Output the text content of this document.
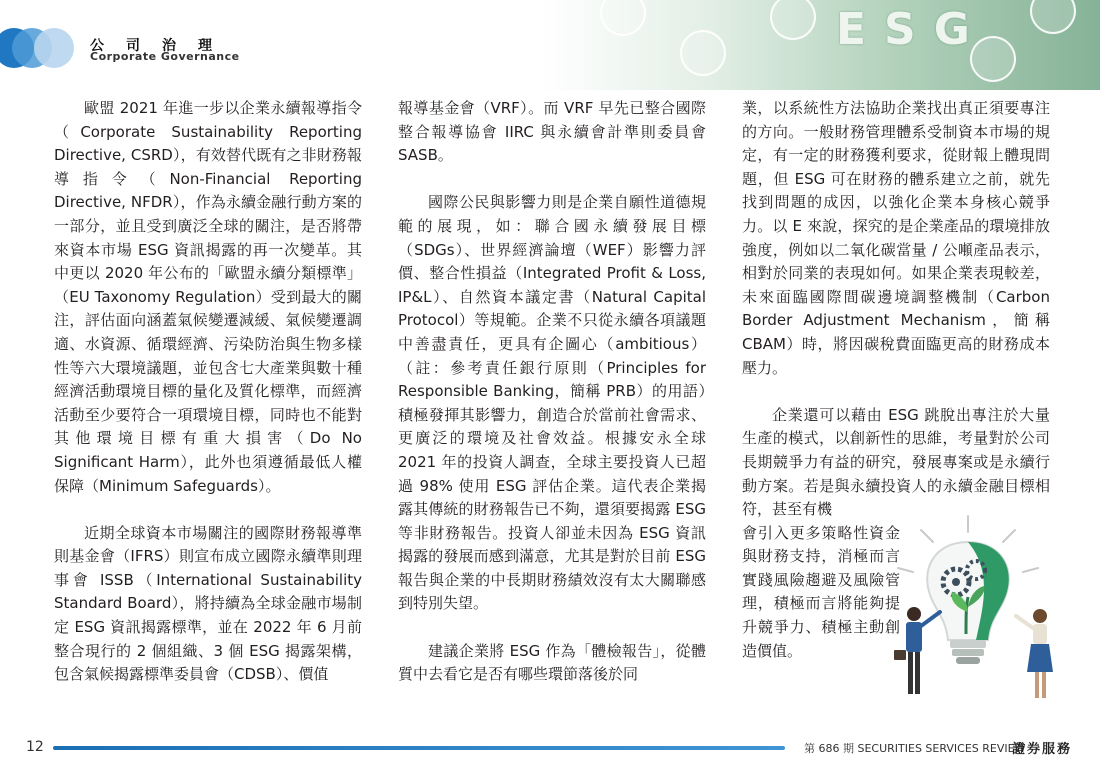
ESG
公司治理
Corporate Governance

歐盟 2021 年進一步以企業永續報導指令（Corporate Sustainability Reporting Directive, CSRD），有效替代既有之非財務報導指令（Non-Financial Reporting Directive, NFDR），作為永續金融行動方案的一部分，並且受到廣泛全球的關注，是否將帶來資本市場 ESG 資訊揭露的再一次變革。其中更以 2020 年公布的「歐盟永續分類標準」（EU Taxonomy Regulation）受到最大的關注，評估面向涵蓋氣候變遷減緩、氣候變遷調適、水資源、循環經濟、污染防治與生物多樣性等六大環境議題，並包含七大產業與數十種經濟活動環境目標的量化及質化標準，而經濟活動至少要符合一項環境目標，同時也不能對其他環境目標有重大損害（Do No Significant Harm），此外也須遵循最低人權保障（Minimum Safeguards）。

近期全球資本市場關注的國際財務報導準則基金會（IFRS）則宣布成立國際永續準則理事會 ISSB（International Sustainability Standard Board），將持續為全球金融市場制定 ESG 資訊揭露標準，並在 2022 年 6 月前整合現行的 2 個組織、3 個 ESG 揭露架構，包含氣候揭露標準委員會（CDSB）、價值

報導基金會（VRF）。而 VRF 早先已整合國際整合報導協會 IIRC 與永續會計準則委員會 SASB。

國際公民與影響力則是企業自願性道德規範的展現，如：聯合國永續發展目標（SDGs）、世界經濟論壇（WEF）影響力評價、整合性損益（Integrated Profit & Loss, IP&L）、自然資本議定書（Natural Capital Protocol）等規範。企業不只從永續各項議題中善盡責任，更具有企圖心（ambitious）（註：參考責任銀行原則（Principles for Responsible Banking，簡稱 PRB）的用語）積極發揮其影響力，創造合於當前社會需求、更廣泛的環境及社會效益。根據安永全球 2021 年的投資人調查，全球主要投資人已超過 98% 使用 ESG 評估企業。這代表企業揭露其傳統的財務報告已不夠，還須要揭露 ESG 等非財務報告。投資人卻並未因為 ESG 資訊揭露的發展而感到滿意，尤其是對於目前 ESG 報告與企業的中長期財務績效沒有太大關聯感到特別失望。

建議企業將 ESG 作為「體檢報告」，從體質中去看它是否有哪些環節落後於同

業，以系統性方法協助企業找出真正須要專注的方向。一般財務管理體系受制資本市場的規定，有一定的財務獲利要求，從財報上體現問題，但 ESG 可在財務的體系建立之前，就先找到問題的成因，以強化企業本身核心競爭力。以 E 來說，探究的是企業產品的環境排放強度，例如以二氧化碳當量 / 公噸產品表示，相對於同業的表現如何。如果企業表現較差，未來面臨國際間碳邊境調整機制（Carbon Border Adjustment Mechanism，簡稱 CBAM）時，將因碳稅費面臨更高的財務成本壓力。

企業還可以藉由 ESG 跳脫出專注於大量生產的模式，以創新性的思維，考量對於公司長期競爭力有益的研究，發展專案或是永續行動方案。若是與永續投資人的永續金融目標相符，甚至有機

會引入更多策略性資金與財務支持，消極而言實踐風險趨避及風險管理，積極而言將能夠提升競爭力、積極主動創造價值。

12	第 686 期 SECURITIES SERVICES REVIEW
證券服務
